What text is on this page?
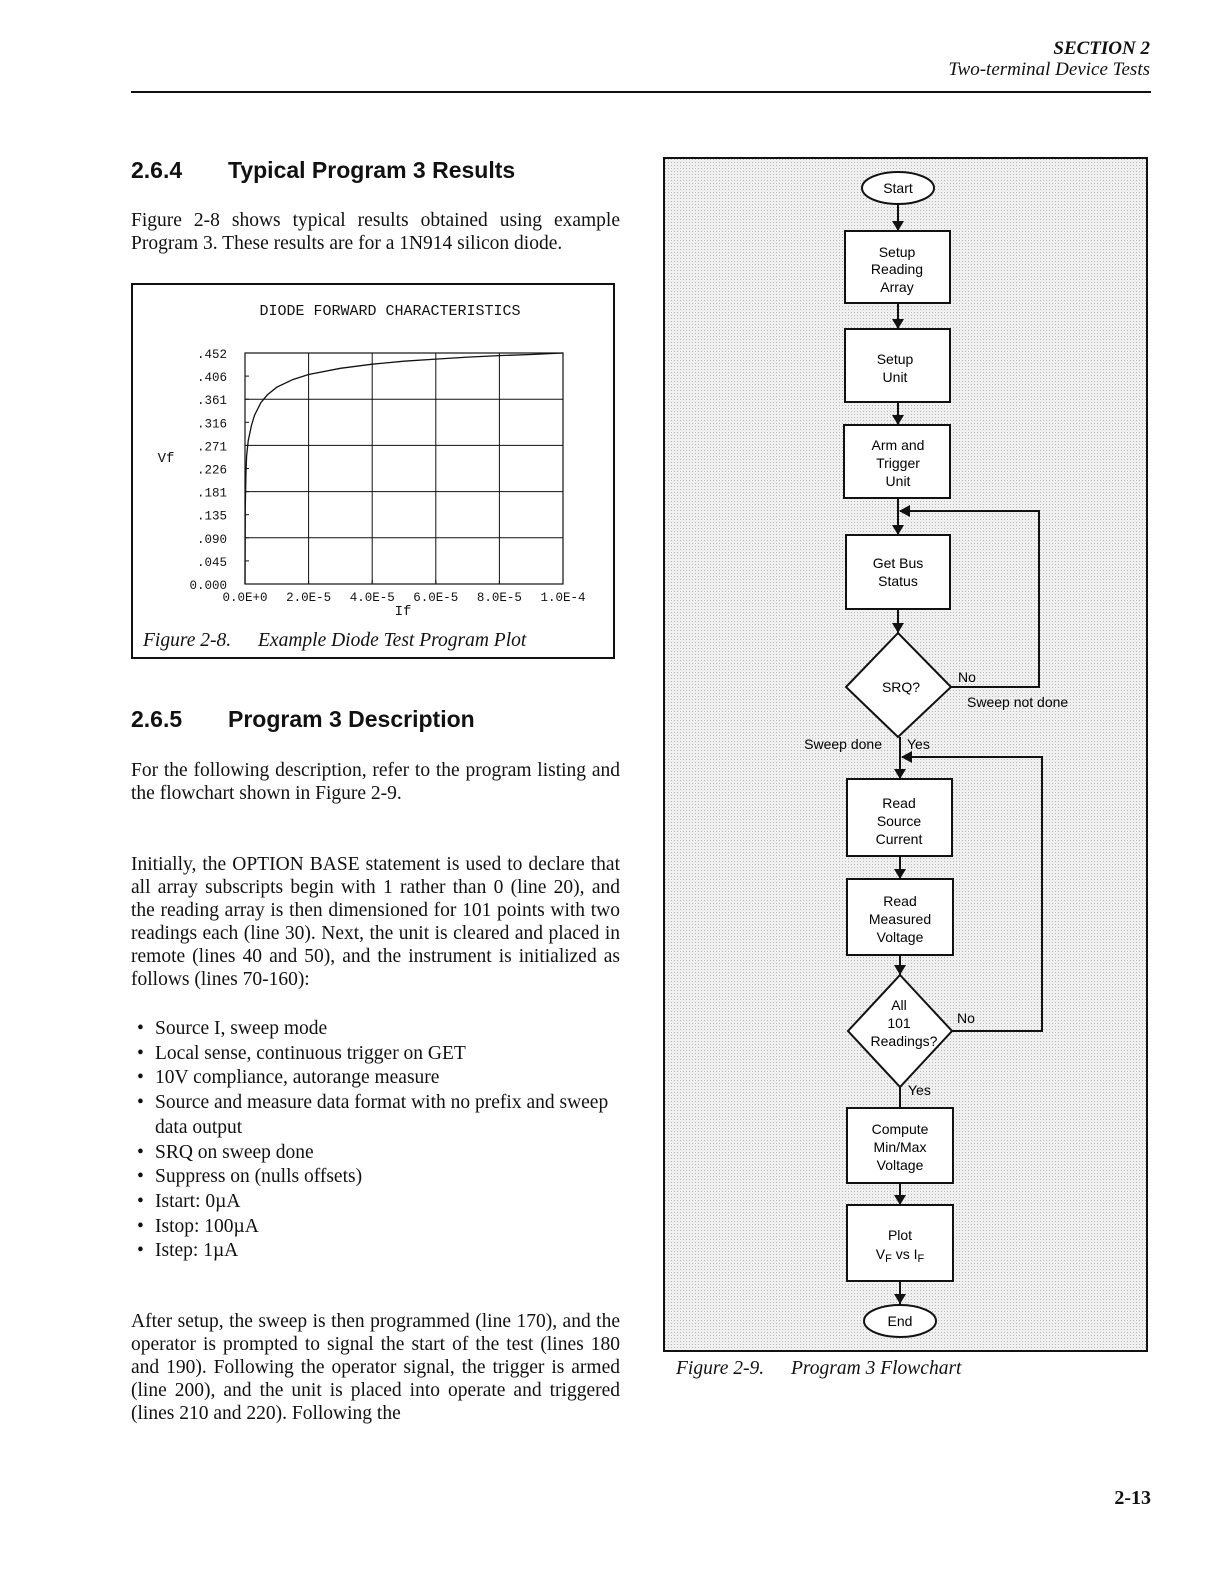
SECTION 2
Two-terminal Device Tests
2.6.4 Typical Program 3 Results
Figure 2-8 shows typical results obtained using example Program 3. These results are for a 1N914 silicon diode.
DIODE FORWARD CHARACTERISTICS
Vf
If
.452
.406
.361
.316
.271
.226
.181
.135
.090
.045
0.000
0.0E+0 2.0E-5 4.0E-5 6.0E-5 8.0E-5 1.0E-4
Figure 2-8. Example Diode Test Program Plot
2.6.5 Program 3 Description
For the following description, refer to the program listing and the flowchart shown in Figure 2-9.
Initially, the OPTION BASE statement is used to declare that all array subscripts begin with 1 rather than 0 (line 20), and the reading array is then dimensioned for 101 points with two readings each (line 30). Next, the unit is cleared and placed in remote (lines 40 and 50), and the instrument is initialized as follows (lines 70-160):
• Source I, sweep mode
• Local sense, continuous trigger on GET
• 10V compliance, autorange measure
• Source and measure data format with no prefix and sweep data output
• SRQ on sweep done
• Suppress on (nulls offsets)
• Istart: 0µA
• Istop: 100µA
• Istep: 1µA
After setup, the sweep is then programmed (line 170), and the operator is prompted to signal the start of the test (lines 180 and 190). Following the operator signal, the trigger is armed (line 200), and the unit is placed into operate and triggered (lines 210 and 220). Following the
Start
Setup
Reading
Array
Setup
Unit
Arm and
Trigger
Unit
Get Bus
Status
SRQ?
No
Sweep not done
Sweep done Yes
Read
Source
Current
Read
Measured
Voltage
All
101
Readings?
No
Yes
Compute
Min/Max
Voltage
Plot
$V_F$ vs $I_F$
End
Figure 2-9. Program 3 Flowchart
2-13
